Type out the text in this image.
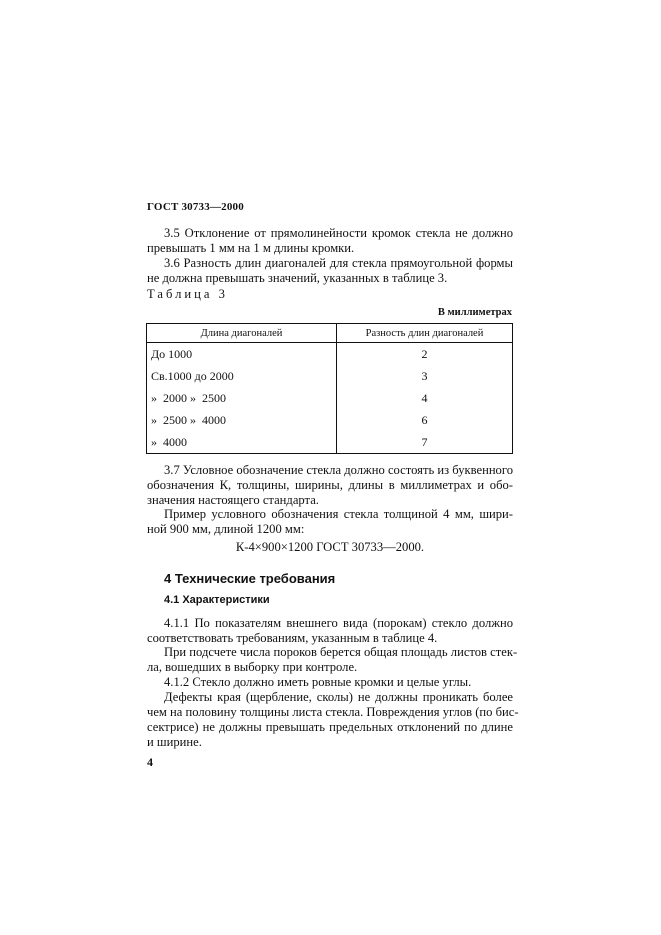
ГОСТ 30733—2000
3.5 Отклонение от прямолинейности кромок стекла не должно
превышать 1 мм на 1 м длины кромки.
3.6 Разность длин диагоналей для стекла прямоугольной формы
не должна превышать значений, указанных в таблице 3.
Таблица 3
В миллиметрах
Длина диагоналей	Разность длин диагоналей
До 1000	2
Св.1000 до 2000	3
»  2000 »  2500	4
»  2500 »  4000	6
»  4000	7
3.7 Условное обозначение стекла должно состоять из буквенного
обозначения К, толщины, ширины, длины в миллиметрах и обо-
значения настоящего стандарта.
Пример условного обозначения стекла толщиной 4 мм, шири-
ной 900 мм, длиной 1200 мм:
К-4×900×1200 ГОСТ 30733—2000.
4 Технические требования
4.1 Характеристики
4.1.1 По показателям внешнего вида (порокам) стекло должно
соответствовать требованиям, указанным в таблице 4.
При подсчете числа пороков берется общая площадь листов стек-
ла, вошедших в выборку при контроле.
4.1.2 Стекло должно иметь ровные кромки и целые углы.
Дефекты края (щербление, сколы) не должны проникать более
чем на половину толщины листа стекла. Повреждения углов (по бис-
сектрисе) не должны превышать предельных отклонений по длине
и ширине.
4
